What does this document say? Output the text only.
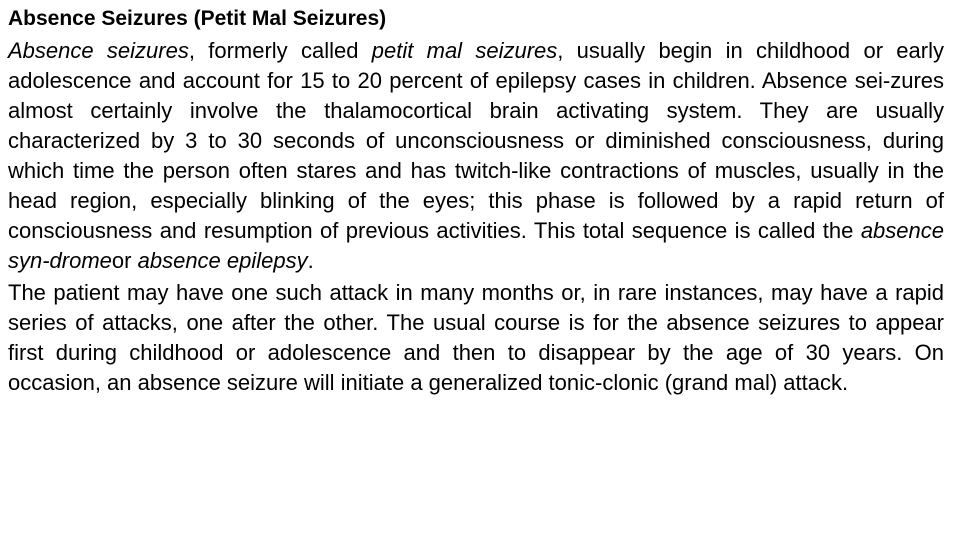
Absence Seizures (Petit Mal Seizures)

Absence seizures, formerly called petit mal seizures, usually begin in childhood or early adolescence and account for 15 to 20 percent of epilepsy cases in children. Absence sei-zures almost certainly involve the thalamocortical brain activating system. They are usually characterized by 3 to 30 seconds of unconsciousness or diminished consciousness, during which time the person often stares and has twitch-like contractions of muscles, usually in the head region, especially blinking of the eyes; this phase is followed by a rapid return of consciousness and resumption of previous activities. This total sequence is called the absence syn-dromeor absence epilepsy.

The patient may have one such attack in many months or, in rare instances, may have a rapid series of attacks, one after the other. The usual course is for the absence seizures to appear first during childhood or adolescence and then to disappear by the age of 30 years. On occasion, an absence seizure will initiate a generalized tonic-clonic (grand mal) attack.
